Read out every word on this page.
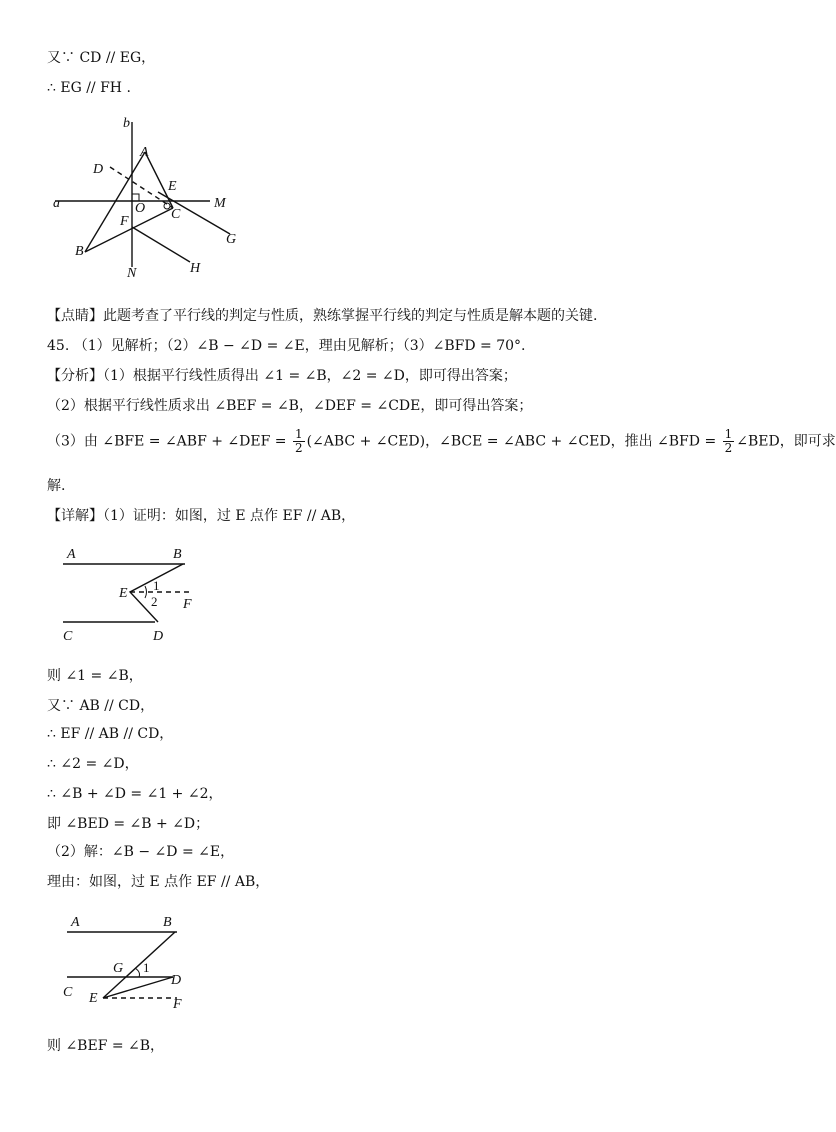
又∵ CD // EG，
∴ EG // FH .
b
A
D
E
a	O C
M
F
G
B
N	H
【点睛】此题考查了平行线的判定与性质，熟练掌握平行线的判定与性质是解本题的关键.
45. （1）见解析；（2）∠B − ∠D = ∠E，理由见解析；（3）∠BFD = 70°.
【分析】（1）根据平行线性质得出 ∠1 = ∠B，∠2 = ∠D，即可得出答案；
（2）根据平行线性质求出 ∠BEF = ∠B，∠DEF = ∠CDE，即可得出答案；
（3）由 ∠BFE = ∠ABF + ∠DEF = $\frac{1}{2}$ (∠ABC + ∠CED)，∠BCE = ∠ABC + ∠CED，推出 ∠BFD = $\frac{1}{2}$ ∠BED，即可求
解.
【详解】（1）证明：如图，过 E 点作 EF // AB，
A	B
E
1
2 F
C	D
则 ∠1 = ∠B，
又∵ AB // CD，
∴ EF // AB // CD，
∴ ∠2 = ∠D，
∴ ∠B + ∠D = ∠1 + ∠2，
即 ∠BED = ∠B + ∠D；
（2）解：∠B − ∠D = ∠E，
理由：如图，过 E 点作 EF // AB，
A	B
G 1
D
C E	F
则 ∠BEF = ∠B，
